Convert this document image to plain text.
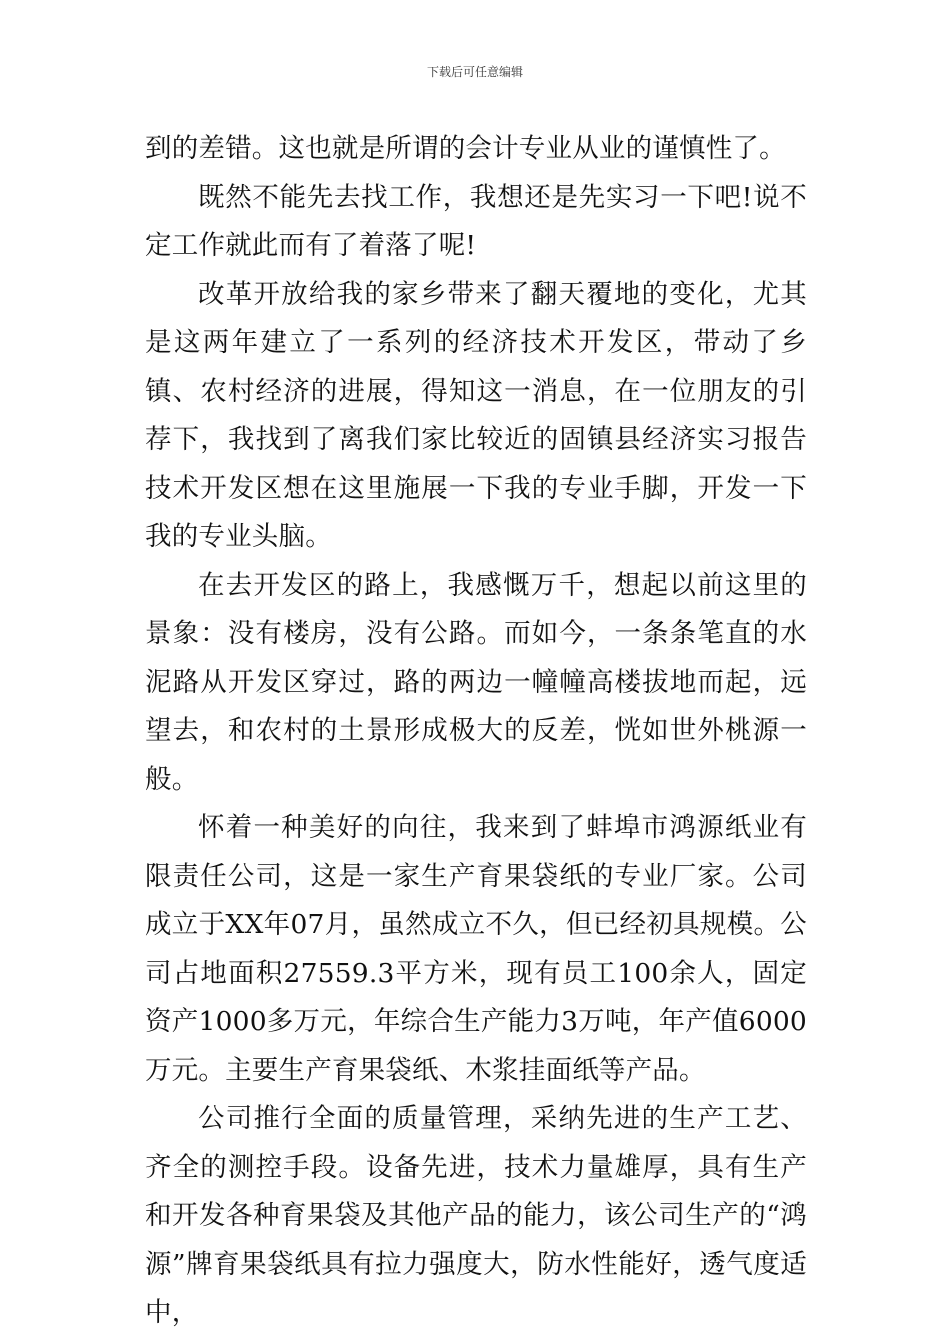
下载后可任意编辑

到的差错。这也就是所谓的会计专业从业的谨慎性了。

既然不能先去找工作，我想还是先实习一下吧!说不定工作就此而有了着落了呢!

改革开放给我的家乡带来了翻天覆地的变化，尤其是这两年建立了一系列的经济技术开发区，带动了乡镇、农村经济的进展，得知这一消息，在一位朋友的引荐下，我找到了离我们家比较近的固镇县经济实习报告技术开发区想在这里施展一下我的专业手脚，开发一下我的专业头脑。

在去开发区的路上，我感慨万千，想起以前这里的景象：没有楼房，没有公路。而如今，一条条笔直的水泥路从开发区穿过，路的两边一幢幢高楼拔地而起，远望去，和农村的土景形成极大的反差，恍如世外桃源一般。

怀着一种美好的向往，我来到了蚌埠市鸿源纸业有限责任公司，这是一家生产育果袋纸的专业厂家。公司成立于XX年07月，虽然成立不久，但已经初具规模。公司占地面积27559.3平方米，现有员工100余人，固定资产1000多万元，年综合生产能力3万吨，年产值6000万元。主要生产育果袋纸、木浆挂面纸等产品。

公司推行全面的质量管理，采纳先进的生产工艺、齐全的测控手段。设备先进，技术力量雄厚，具有生产和开发各种育果袋及其他产品的能力，该公司生产的“鸿源”牌育果袋纸具有拉力强度大，防水性能好，透气度适中，
